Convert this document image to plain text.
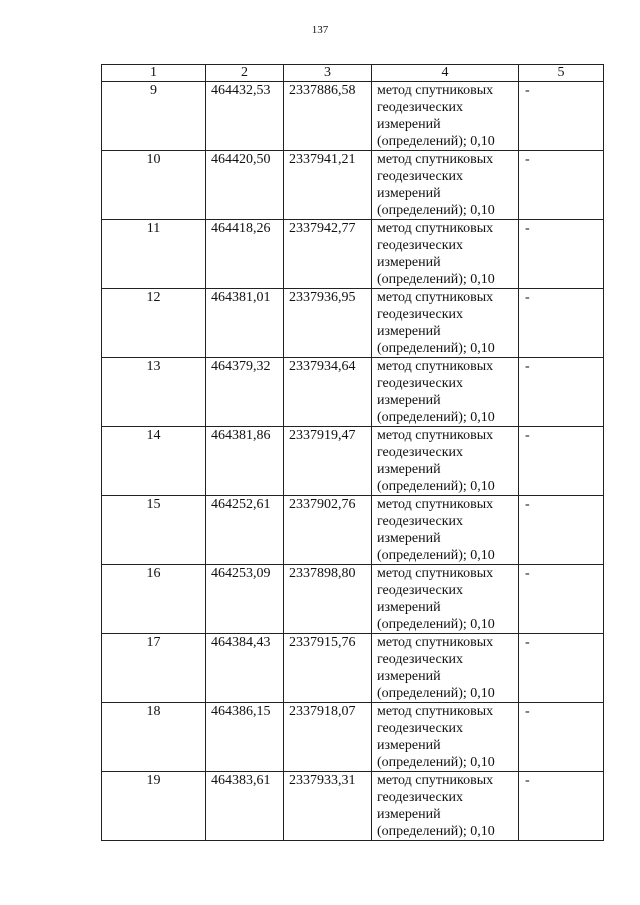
137
1	2	3	4	5
9	464432,53	2337886,58	метод спутниковых
геодезических
измерений
(определений); 0,10	-
10	464420,50	2337941,21	метод спутниковых
геодезических
измерений
(определений); 0,10	-
11	464418,26	2337942,77	метод спутниковых
геодезических
измерений
(определений); 0,10	-
12	464381,01	2337936,95	метод спутниковых
геодезических
измерений
(определений); 0,10	-
13	464379,32	2337934,64	метод спутниковых
геодезических
измерений
(определений); 0,10	-
14	464381,86	2337919,47	метод спутниковых
геодезических
измерений
(определений); 0,10	-
15	464252,61	2337902,76	метод спутниковых
геодезических
измерений
(определений); 0,10	-
16	464253,09	2337898,80	метод спутниковых
геодезических
измерений
(определений); 0,10	-
17	464384,43	2337915,76	метод спутниковых
геодезических
измерений
(определений); 0,10	-
18	464386,15	2337918,07	метод спутниковых
геодезических
измерений
(определений); 0,10	-
19	464383,61	2337933,31	метод спутниковых
геодезических
измерений
(определений); 0,10	-
